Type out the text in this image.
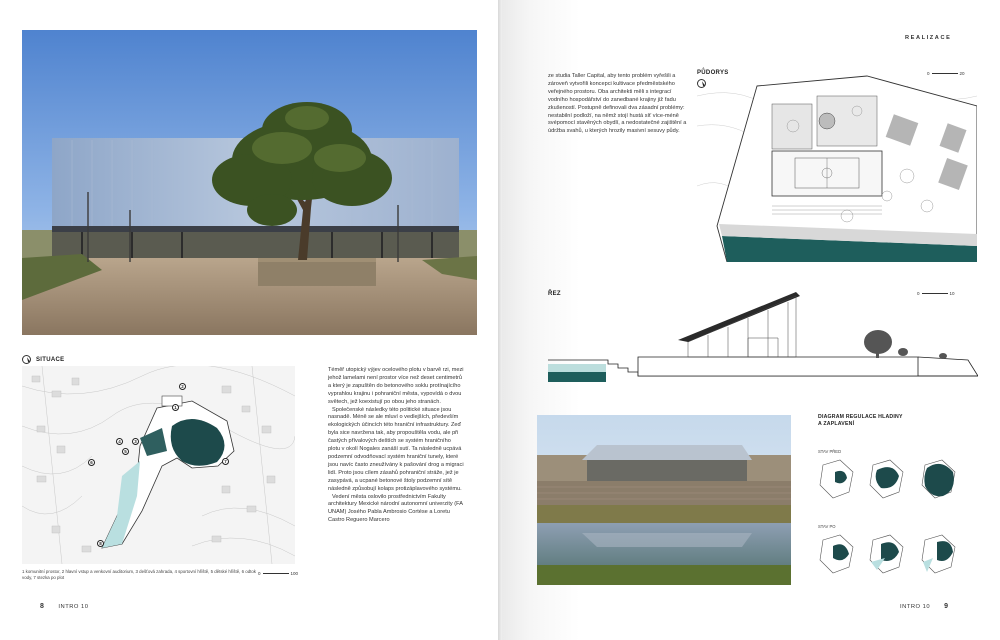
SITUACE
2
1
3
4
5
6	7
8
1 komunitní prostor, 2 hlavní vstup a venkovní auditorium, 3 dešťová zahrada, 4 sportovní hřiště, 5 dětské hřiště, 6 odtok vody, 7 stezka po plot
0	100

Téměř utopický výjev ocelového plotu v barvě rzi, mezi jehož lamelami není prostor více než deset centimetrů a který je zapuštěn do betonového soklu protínajícího vyprahlou krajinu i pohraniční města, vypovídá o dvou světech, jež koexistují po obou jeho stranách.

Společenské následky této politické situace jsou nasnadě. Méně se ale mluví o vedlejších, především ekologických účincích této hraniční infrastruktury. Zeď byla sice navržena tak, aby propouštěla vodu, ale při častých přívalových deštích se systém hraničního plotu v okolí Nogales zanáší sutí. Ta následně ucpává podzemní odvodňovací systém hraniční tunely, které jsou navíc často zneužívány k pašování drog a migraci lidí. Proto jsou cílem zásahů pohraniční stráže, jež je zasypává, a ucpané betonové štoly podzemní sítě následně způsobují kolaps protizáplavového systému.

Vedení města oslovilo prostřednictvím Fakulty architektury Mexické národní autonomní univerzity (FA UNAM) Josého Pabla Ambrosio Cortése a Loretu Castro Reguero Marcero

8 INTRO 10
REALIZACE
ze studia Taller Capital, aby tento problém vyřešili a zároveň vytvořili koncepci kultivace předměstského veřejného prostoru. Oba architekti měli s integrací vodního hospodářství do zanedbané krajiny již řadu zkušeností. Postupně definovali dva zásadní problémy: nestabilní podloží, na němž stojí hustá síť více-méně svépomocí stavěných obydlí, a nedostatečné zajištění a údržba svahů, u kterých hrozily masivní sesuvy půdy.
PŮDORYS	0	20
ŘEZ	0	10
DIAGRAM REGULACE HLADINY
A ZAPLAVENÍ
STAV PŘED
STAV PO
INTRO 10 9
